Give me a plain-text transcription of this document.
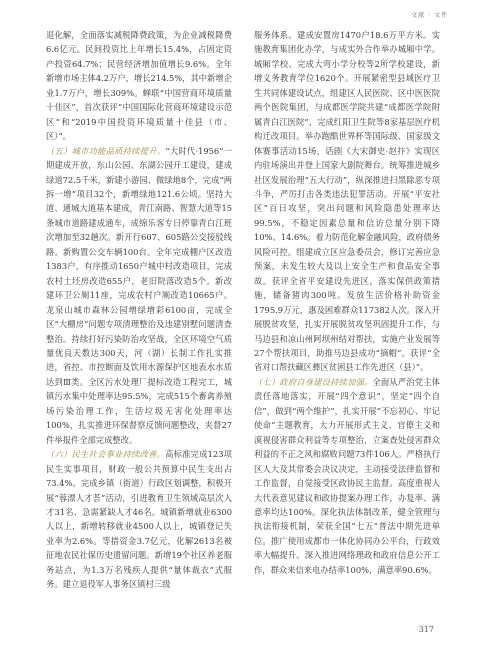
文献 · 文件

退化解，全面落实减税降费政策，为企业减税降费6.6亿元。民间投资比上年增长15.4%，占固定资产投资64.7%；民营经济增加值增长9.6%。全年新增市场主体4.2万户，增长214.5%，其中新增企业1.7万户，增长309%。蝉联“中国营商环境质量十佳区”，首次获评“中国国际化营商环境建设示范区”和“2019中国投资环境质量十佳县（市、区）”。

（五）城市功能品质持续提升。“大时代·1956”一期建成开放，东山公园、东湖公园开工建设，建成绿道72.5千米，新建小游园、微绿地8个，完成“两拆一增”项目32个，新增绿地121.6公顷。坚持大道、通城大道基本建成，青江南路、智慧大道等15条城市道路建成通车，成绵乐客专日停靠青白江班次增加至32趟次。新开行607、605路公交接驳线路。新购置公交车辆100台。全年完成棚户区改造1383户，有序推动1650户城中村改造项目，完成农村土坯房改造655户，老旧院落改造5个。新改建环卫公厕11座，完成农村户厕改造10665户。龙泉山城市森林公园增绿增彩6100亩，完成全区“大棚房”问题专项清理整治及违建别墅问题清查整治。持续打好污染防治攻坚战，全区环境空气质量优良天数达300天，河（湖）长制工作扎实推进，省控、市控断面及饮用水源保护区地表水水质达到Ⅲ类。全区污水处理厂提标改造工程完工，城镇污水集中处理率达95.5%，完成515个畜禽养殖场污染治理工作，生活垃圾无害化处理率达100%，扎实推进环保督察反馈问题整改，夹督27件举报件全部完成整改。

（六）民生社会事业持续改善。高标准完成123项民生实事项目，财政一般公共预算中民生支出占73.4%。完成乡镇（街道）行政区划调整，积极开展“蓉漂人才荟”活动，引进教育卫生领域高层次人才31名、急需紧缺人才46名。城镇新增就业6300人以上，新增转移就业4500人以上，城镇登记失业率为2.6%。等措资金3.7亿元，化解2613名被征地农民社保历史遗留问题。新增19个社区养老服务站点，为1.3万名残疾人提供“量体裁衣”式服务。建立退役军人事务区镇村三级

服务体系。建成安置房1470户18.6万平方米。实施教育集团化办学，与成实外合作举办城厢中学。城厢学校、完成大弯小学分校等2所学校建设，新增义务教育学位1620个。开展紧密型县域医疗卫生共同体建设试点，组建区人民医院、区中医医院两个医院集团，与成都医学院共建“成都医学院附属青白江医院”，完成红阳卫生院等8家基层医疗机构迁改项目。举办跑酷世界杯等国际级、国家级文体赛事活动15场，话剧《大宋御史·赵抃》实现区内驻场演出并登上国家大剧院舞台。统筹推进城乡社区发展治理“五大行动”，纵深推进扫黑除恶专项斗争，严厉打击各类违法犯罪活动。开展“平安社区”百日攻坚，突出问题和风险隐患处理率达99.5%，不稳定因素总量和信访总量分别下降10%、14.6%。着力防范化解金融风险，政府债务风险可控。组建成立区应急委员会，修订完善应急预案，未发生较大及以上安全生产和食品安全事故。获评全省平安建设先进区，落实保供政策措施，储备猪肉300吨。发放生活价格补助资金1795.9万元，惠及困难群众117382人次。深入开展脱贫攻坚，扎实开展脱贫攻坚巩固提升工作，与马边县和凉山州阿坝州结对帮扶，实施产业发展等27个帮扶项目，助推马边县成功“摘帽”。获评“全省对口帮扶藏区彝区贫困县工作先进区（县）”。

（七）政府自身建设持续加强。全面从严治党主体责任落地落实，开展“四个意识”，坚定“四个自信”，做到“两个维护”，扎实开展“不忘初心、牢记使命”主题教育，大力开展形式主义、官僚主义和漠视侵害群众利益等专项整治，立案查处侵害群众利益的不正之风和腐败问题73件106人。严格执行区人大及其常委会决议决定，主动接受法律监督和工作监督，自觉接受区政协民主监督。高度重视人大代表意见建议和政协提案办理工作，办复率、满意率均达100%。深化执法体制改革，健全管理与执法衔接机制，荣获全国“七五”普法中期先进单位。推广使用成都市一体化协同办公平台，行政效率大幅提升。深入推进网络理政和政府信息公开工作，群众来信来电办结率100%，满意率90.6%。

317
